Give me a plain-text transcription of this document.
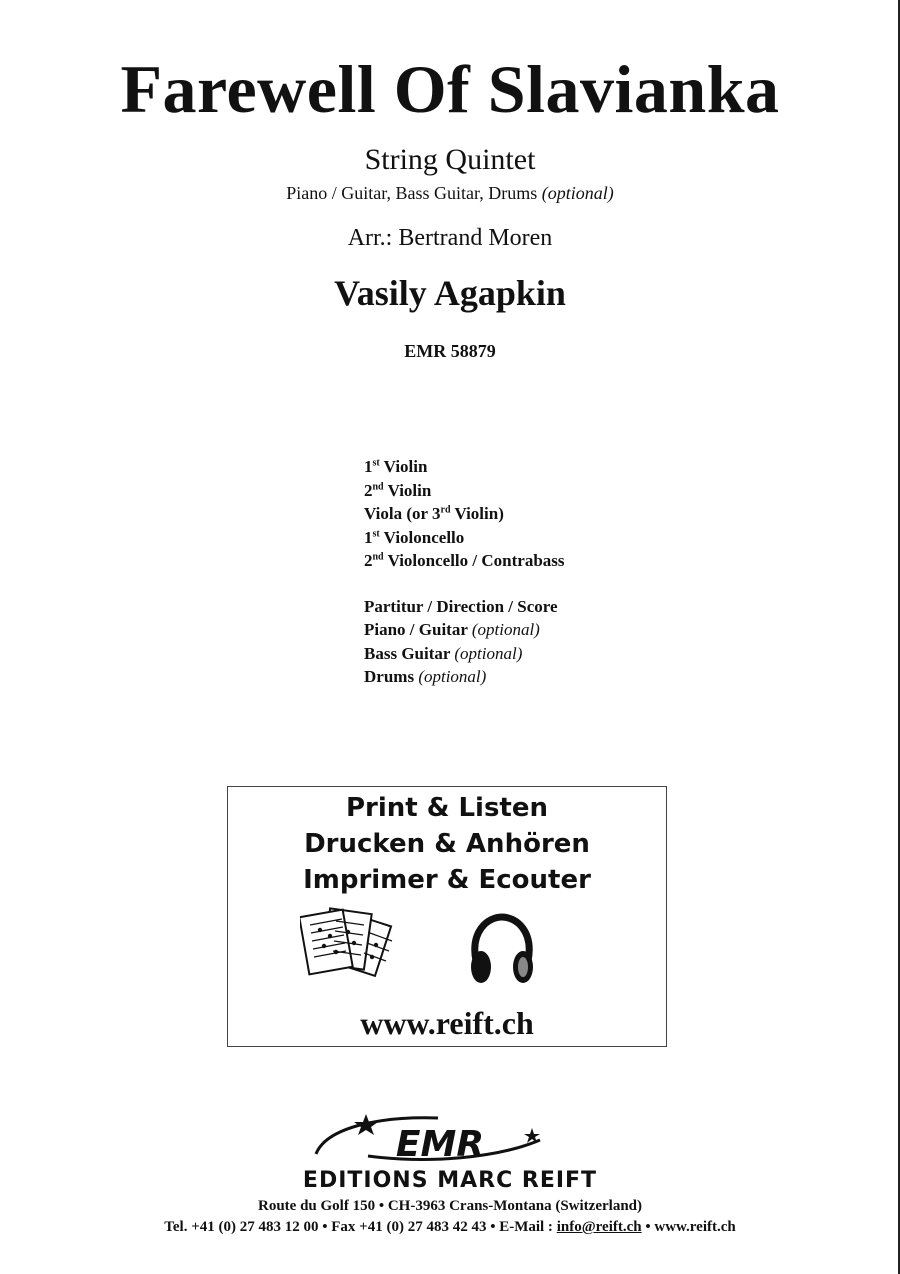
Farewell Of Slavianka
String Quintet
Piano / Guitar, Bass Guitar, Drums (optional)
Arr.: Bertrand Moren
Vasily Agapkin
EMR 58879
1st Violin
2nd Violin
Viola (or 3rd Violin)
1st Violoncello
2nd Violoncello / Contrabass
Partitur / Direction / Score
Piano / Guitar (optional)
Bass Guitar (optional)
Drums (optional)
Print & Listen
Drucken & Anhören
Imprimer & Ecouter
www.reift.ch
EMR
EDITIONS MARC REIFT
Route du Golf 150 • CH-3963 Crans-Montana (Switzerland)
Tel. +41 (0) 27 483 12 00 • Fax +41 (0) 27 483 42 43 • E-Mail : info@reift.ch • www.reift.ch
